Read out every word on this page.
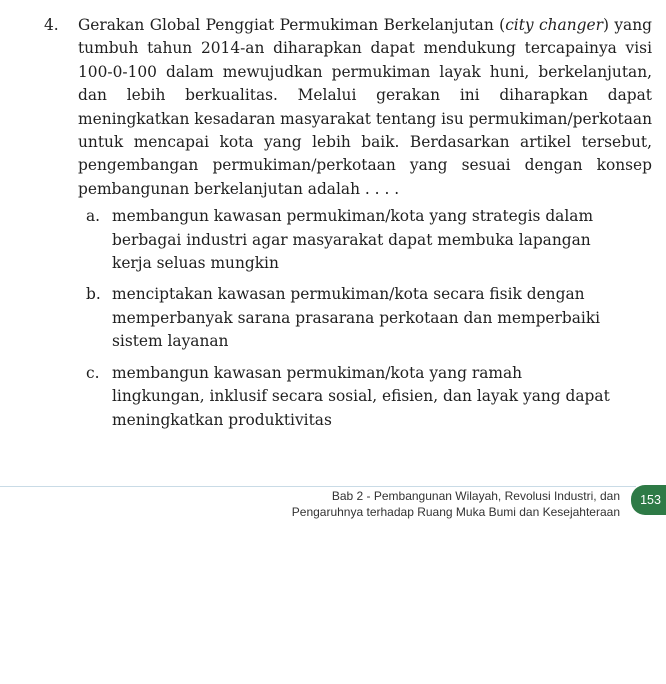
4.	Gerakan Global Penggiat Permukiman Berkelanjutan (city changer) yang tumbuh tahun 2014-an diharapkan dapat mendukung tercapainya visi 100-0-100 dalam mewujudkan permukiman layak huni, berkelanjutan, dan lebih berkualitas. Melalui gerakan ini diharapkan dapat meningkatkan kesadaran masyarakat tentang isu permukiman/perkotaan untuk mencapai kota yang lebih baik. Berdasarkan artikel tersebut, pengembangan permukiman/perkotaan yang sesuai dengan konsep pembangunan berkelanjutan adalah . . . .
a. membangun kawasan permukiman/kota yang strategis dalam berbagai industri agar masyarakat dapat membuka lapangan kerja seluas mungkin
b. menciptakan kawasan permukiman/kota secara fisik dengan memperbanyak sarana prasarana perkotaan dan memperbaiki sistem layanan
c. membangun kawasan permukiman/kota yang ramah lingkungan, inklusif secara sosial, efisien, dan layak yang dapat meningkatkan produktivitas
Bab 2 - Pembangunan Wilayah, Revolusi Industri, dan
Pengaruhnya terhadap Ruang Muka Bumi dan Kesejahteraan
153
